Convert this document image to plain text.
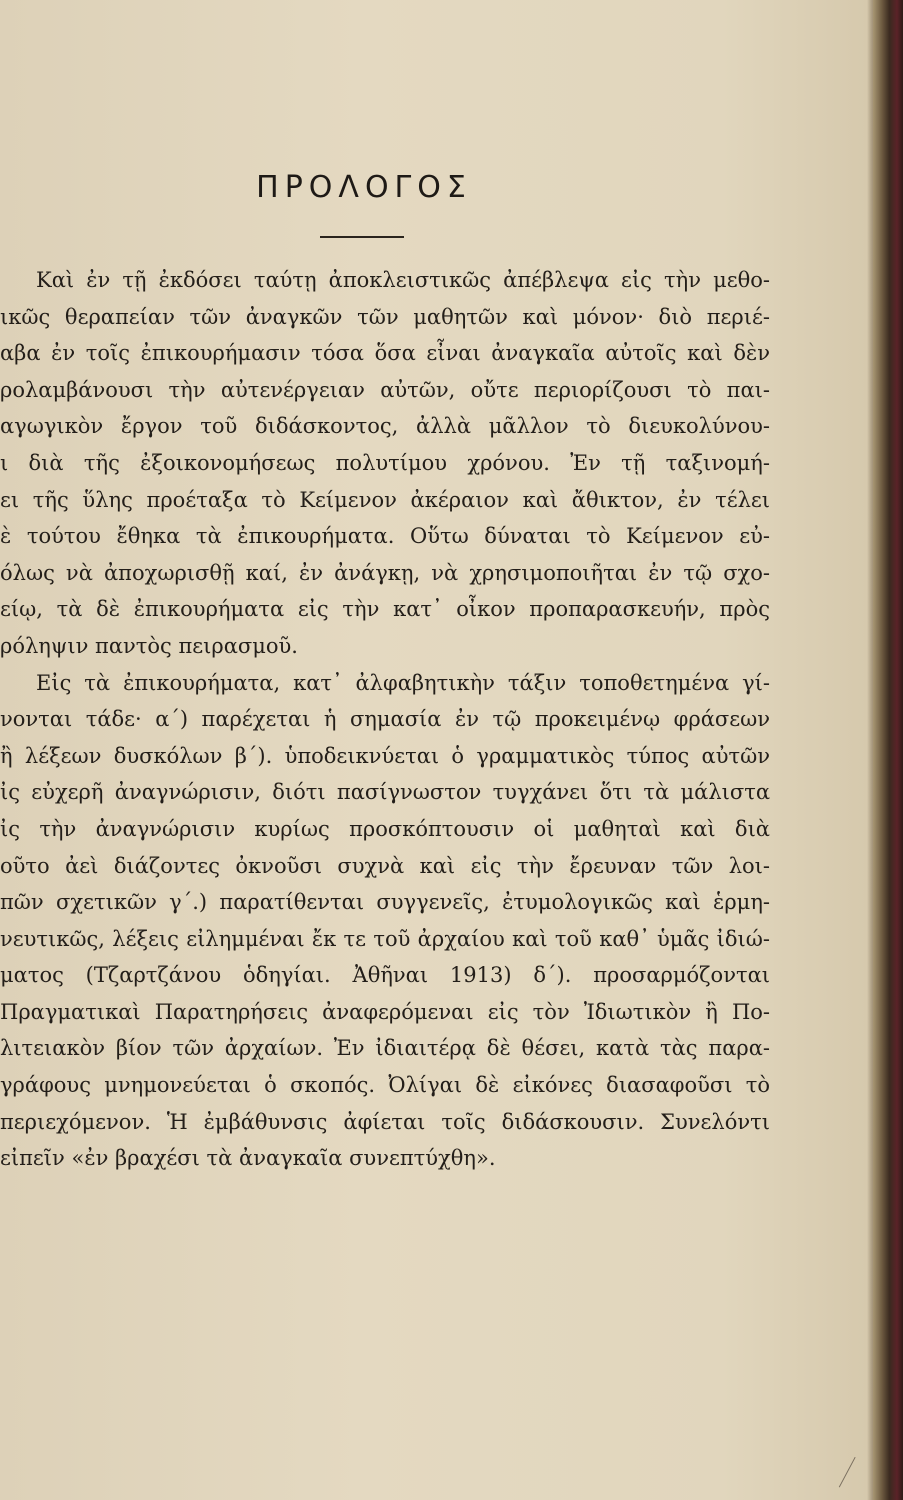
ΠΡΟΛΟΓΟΣ
Καὶ ἐν τῇ ἐκδόσει ταύτῃ ἀποκλειστικῶς ἀπέβλεψα εἰς τὴν μεθο-
ικῶς θεραπείαν τῶν ἀναγκῶν τῶν μαθητῶν καὶ μόνον· διὸ περιέ-
αβα ἐν τοῖς ἐπικουρήμασιν τόσα ὅσα εἶναι ἀναγκαῖα αὐτοῖς καὶ δὲν
ρολαμβάνουσι τὴν αὐτενέργειαν αὐτῶν, οὔτε περιορίζουσι τὸ παι-
αγωγικὸν ἔργον τοῦ διδάσκοντος, ἀλλὰ μᾶλλον τὸ διευκολύνου-
ι διὰ τῆς ἐξοικονομήσεως πολυτίμου χρόνου. Ἐν τῇ ταξινομή-
ει τῆς ὕλης προέταξα τὸ Κείμενον ἀκέραιον καὶ ἄθικτον, ἐν τέλει
ὲ τούτου ἔθηκα τὰ ἐπικουρήματα. Οὕτω δύναται τὸ Κείμενον εὐ-
όλως νὰ ἀποχωρισθῇ καί, ἐν ἀνάγκῃ, νὰ χρησιμοποιῆται ἐν τῷ σχο-
είῳ, τὰ δὲ ἐπικουρήματα εἰς τὴν κατ᾽ οἶκον προπαρασκευήν, πρὸς
ρόληψιν παντὸς πειρασμοῦ.
Εἰς τὰ ἐπικουρήματα, κατ᾽ ἀλφαβητικὴν τάξιν τοποθετημένα γί-
νονται τάδε· α΄) παρέχεται ἡ σημασία ἐν τῷ προκειμένῳ φράσεων
ἢ λέξεων δυσκόλων β΄). ὑποδεικνύεται ὁ γραμματικὸς τύπος αὐτῶν
ἰς εὐχερῆ ἀναγνώρισιν, διότι πασίγνωστον τυγχάνει ὅτι τὰ μάλιστα
ἰς τὴν ἀναγνώρισιν κυρίως προσκόπτουσιν οἱ μαθηταὶ καὶ διὰ
οῦτο ἀεὶ διάζοντες ὀκνοῦσι συχνὰ καὶ εἰς τὴν ἔρευναν τῶν λοι-
πῶν σχετικῶν γ΄.) παρατίθενται συγγενεῖς, ἐτυμολογικῶς καὶ ἑρμη-
νευτικῶς, λέξεις εἰλημμέναι ἔκ τε τοῦ ἀρχαίου καὶ τοῦ καθ᾽ ὑμᾶς ἰδιώ-
ματος (Τζαρτζάνου ὁδηγίαι. Ἀθῆναι 1913) δ΄). προσαρμόζονται
Πραγματικαὶ Παρατηρήσεις ἀναφερόμεναι εἰς τὸν Ἰδιωτικὸν ἢ Πο-
λιτειακὸν βίον τῶν ἀρχαίων. Ἐν ἰδιαιτέρᾳ δὲ θέσει, κατὰ τὰς παρα-
γράφους μνημονεύεται ὁ σκοπός. Ὀλίγαι δὲ εἰκόνες διασαφοῦσι τὸ
περιεχόμενον. Ἡ ἐμβάθυνσις ἀφίεται τοῖς διδάσκουσιν. Συνελόντι
εἰπεῖν «ἐν βραχέσι τὰ ἀναγκαῖα συνεπτύχθη».
